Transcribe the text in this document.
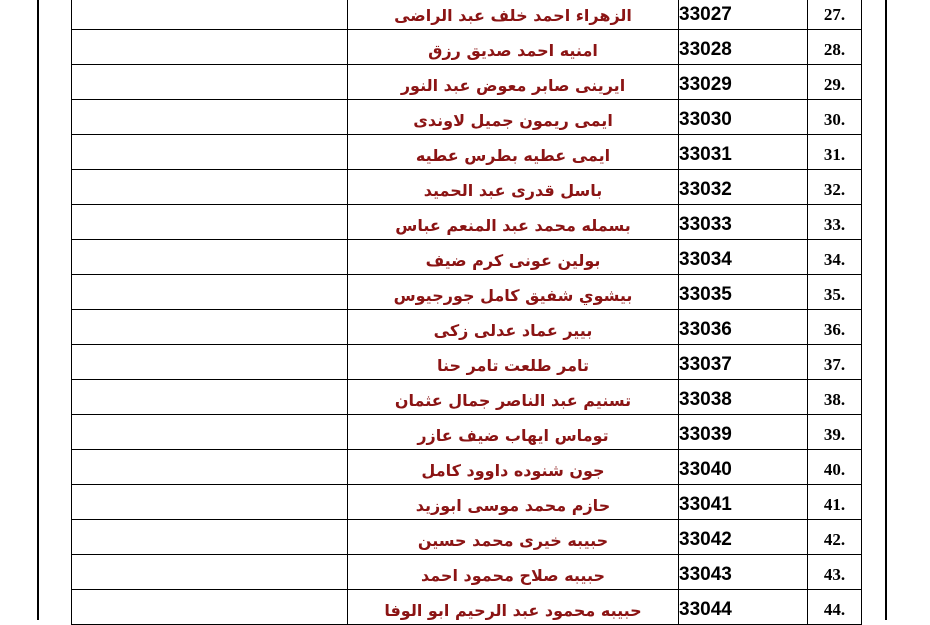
	الزهراء احمد خلف عبد الراضى	33027	.27
	امنيه احمد صديق رزق	33028	.28
	ايرينى صابر معوض عبد النور	33029	.29
	ايمى ريمون جميل لاوندى	33030	.30
	ايمى عطيه بطرس عطيه	33031	.31
	باسل قدرى عبد الحميد	33032	.32
	بسمله محمد عبد المنعم عباس	33033	.33
	بولين عونى كرم ضيف	33034	.34
	بيشوي شفيق كامل جورجيوس	33035	.35
	بيير عماد عدلى زكى	33036	.36
	تامر طلعت تامر حنا	33037	.37
	تسنيم عبد الناصر جمال عثمان	33038	.38
	توماس ايهاب ضيف عازر	33039	.39
	جون شنوده داوود كامل	33040	.40
	حازم محمد موسى ابوزيد	33041	.41
	حبيبه خيرى محمد حسين	33042	.42
	حبيبه صلاح محمود احمد	33043	.43
	حبيبه محمود عبد الرحيم ابو الوفا	33044	.44
